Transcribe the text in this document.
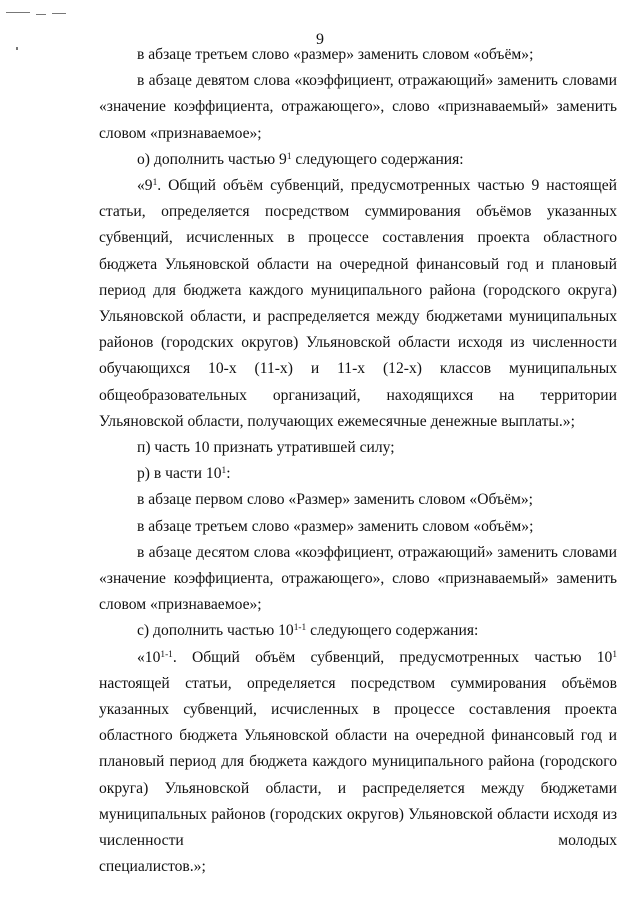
9

в абзаце третьем слово «размер» заменить словом «объём»;

в абзаце девятом слова «коэффициент, отражающий» заменить словами «значение коэффициента, отражающего», слово «признаваемый» заменить словом «признаваемое»;

о) дополнить частью $9^1$ следующего содержания:

«$9^1$. Общий объём субвенций, предусмотренных частью 9 настоящей статьи, определяется посредством суммирования объёмов указанных субвенций, исчисленных в процессе составления проекта областного бюджета Ульяновской области на очередной финансовый год и плановый период для бюджета каждого муниципального района (городского округа) Ульяновской области, и распределяется между бюджетами муниципальных районов (городских округов) Ульяновской области исходя из численности обучающихся 10-х (11-х) и 11-х (12-х) классов муниципальных общеобразовательных организаций, находящихся на территории Ульяновской области, получающих ежемесячные денежные выплаты.»;

п) часть 10 признать утратившей силу;

р) в части $10^1$:

в абзаце первом слово «Размер» заменить словом «Объём»;

в абзаце третьем слово «размер» заменить словом «объём»;

в абзаце десятом слова «коэффициент, отражающий» заменить словами «значение коэффициента, отражающего», слово «признаваемый» заменить словом «признаваемое»;

с) дополнить частью 10$^{1-1}$ следующего содержания:

«10$^{1-1}$. Общий объём субвенций, предусмотренных частью $10^1$ настоящей статьи, определяется посредством суммирования объёмов указанных субвенций, исчисленных в процессе составления проекта областного бюджета Ульяновской области на очередной финансовый год и плановый период для бюджета каждого муниципального района (городского округа) Ульяновской области, и распределяется между бюджетами муниципальных районов (городских округов) Ульяновской области исходя из численности молодых

специалистов.»;
